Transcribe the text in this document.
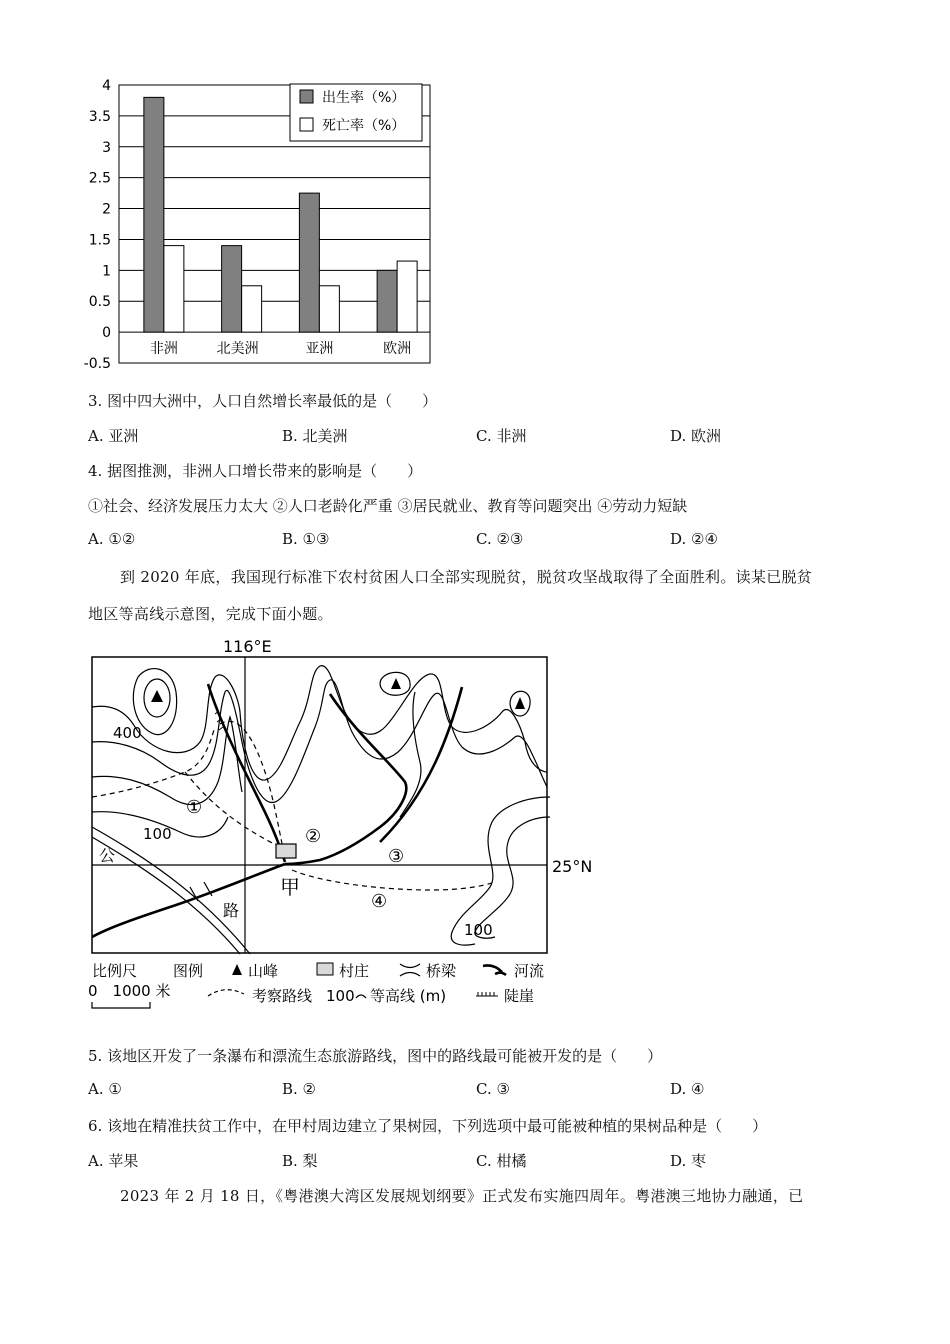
4
3.5
3
2.5
2
1.5
1
0.5
0
-0.5
非洲	北美洲	亚洲	欧洲
出生率（%）
死亡率（%）
3. 图中四大洲中，人口自然增长率最低的是（　　）
A. 亚洲	B. 北美洲	C. 非洲	D. 欧洲
4. 据图推测，非洲人口增长带来的影响是（　　）
①社会、经济发展压力太大 ②人口老龄化严重 ③居民就业、教育等问题突出 ④劳动力短缺
A. ①②	B. ①③	C. ②③	D. ②④
到 2020 年底，我国现行标准下农村贫困人口全部实现脱贫，脱贫攻坚战取得了全面胜利。读某已脱贫
地区等高线示意图，完成下面小题。
116°E
25°N
甲
400
100
100
公
路
①
②
③
④
比例尺 图例	山峰	村庄	桥梁	河流
0　1000 米	考察路线 100 等高线 (m)	陡崖
5. 该地区开发了一条瀑布和漂流生态旅游路线，图中的路线最可能被开发的是（　　）
A. ①	B. ②	C. ③	D. ④
6. 该地在精准扶贫工作中，在甲村周边建立了果树园，下列选项中最可能被种植的果树品种是（　　）
A. 苹果	B. 梨	C. 柑橘	D. 枣
2023 年 2 月 18 日，《粤港澳大湾区发展规划纲要》正式发布实施四周年。粤港澳三地协力融通，已
